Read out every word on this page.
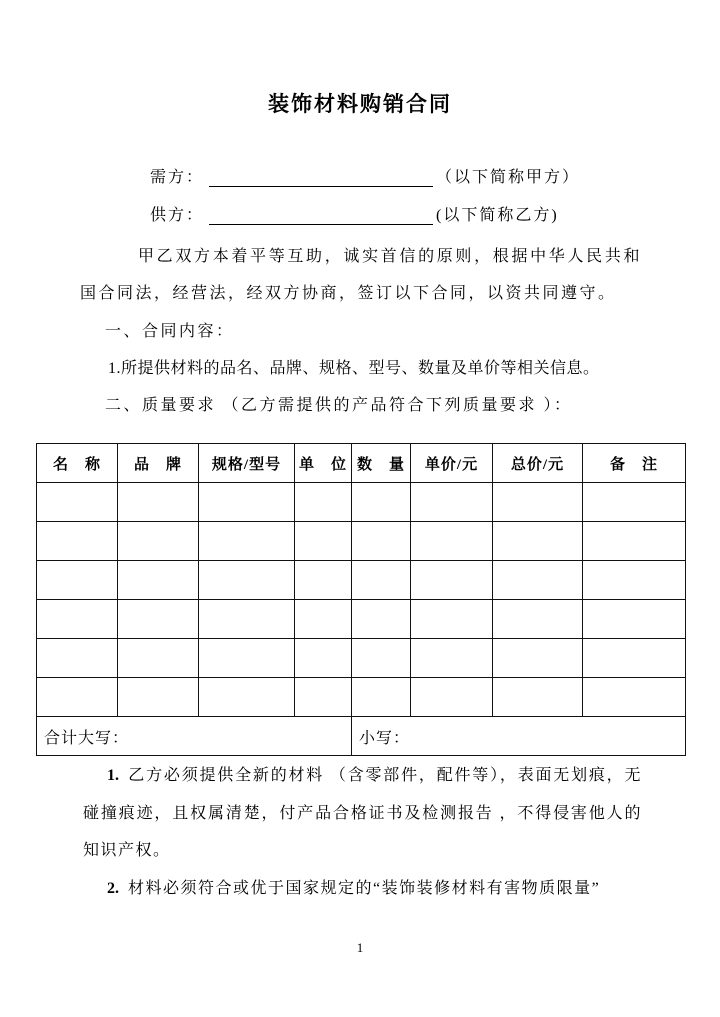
装饰材料购销合同
需方：	（以下简称甲方）
供方：	(以下简称乙方)

甲乙双方本着平等互助，诚实首信的原则，根据中华人民共和国合同法，经营法，经双方协商，签订以下合同，以资共同遵守。

一、合同内容：
1.所提供材料的品名、品牌、规格、型号、数量及单价等相关信息。
二、质量要求 （乙方需提供的产品符合下列质量要求 ）：
名　称	品　牌	规格/型号	单　位	数　量	单价/元	总价/元	备　注

合计大写：				小写：			

1. 乙方必须提供全新的材料 （含零部件，配件等），表面无划痕，无碰撞痕迹，且权属清楚，付产品合格证书及检测报告 ，不得侵害他人的知识产权。

2. 材料必须符合或优于国家规定的“装饰装修材料有害物质限量”

1
